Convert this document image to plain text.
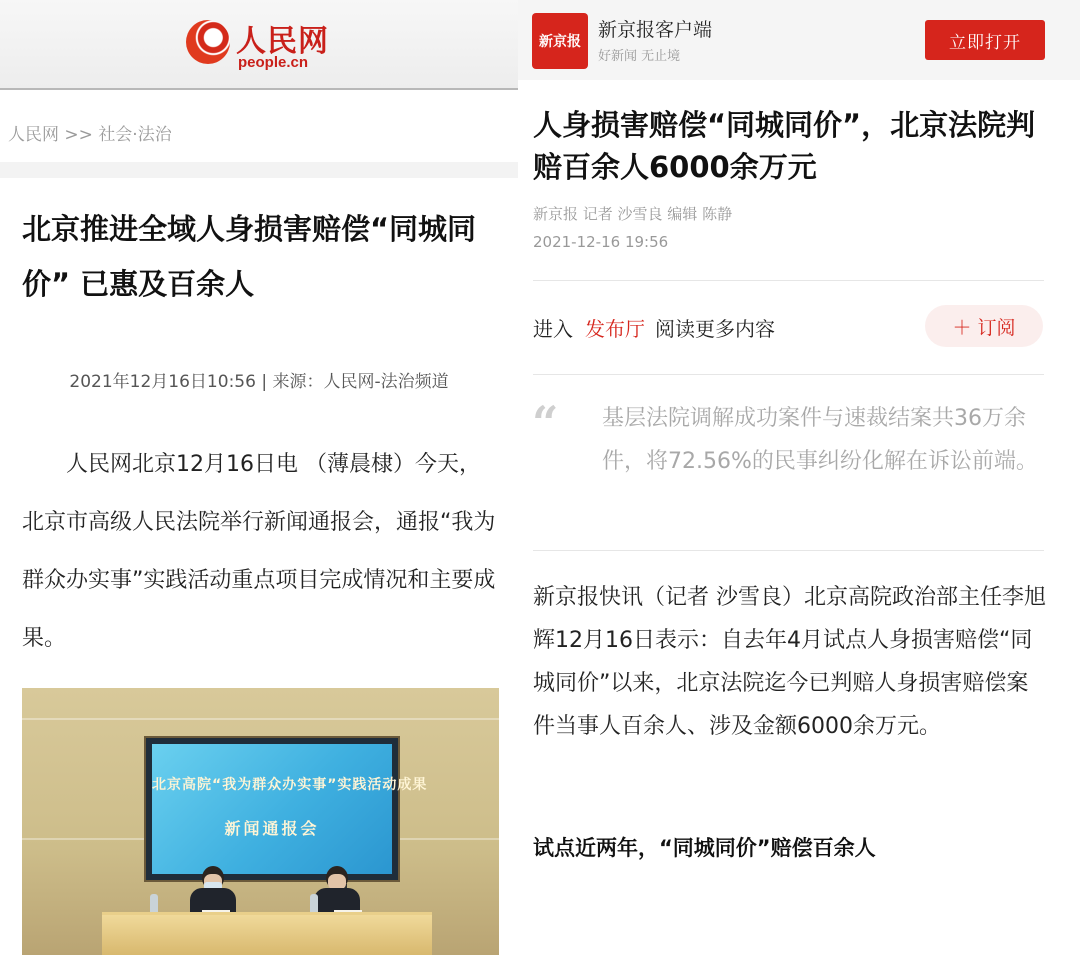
人民网
people.cn
人民网 >> 社会·法治
北京推进全域人身损害赔偿“同城同价” 已惠及百余人
2021年12月16日10:56 | 来源：人民网-法治频道
人民网北京12月16日电 （薄晨棣）今天，北京市高级人民法院举行新闻通报会，通报“我为群众办实事”实践活动重点项目完成情况和主要成果。
北京高院“我为群众办实事”实践活动成果
新闻通报会
新京报
新京报客户端
好新闻 无止境
立即打开
人身损害赔偿“同城同价”，北京法院判赔百余人6000余万元
新京报 记者 沙雪良 编辑 陈静
2021-12-16 19:56
进入 发布厅 阅读更多内容	＋ 订阅
“ 基层法院调解成功案件与速裁结案共36万余件，将72.56%的民事纠纷化解在诉讼前端。
新京报快讯（记者 沙雪良）北京高院政治部主任李旭辉12月16日表示：自去年4月试点人身损害赔偿“同城同价”以来，北京法院迄今已判赔人身损害赔偿案件当事人百余人、涉及金额6000余万元。
试点近两年，“同城同价”赔偿百余人
